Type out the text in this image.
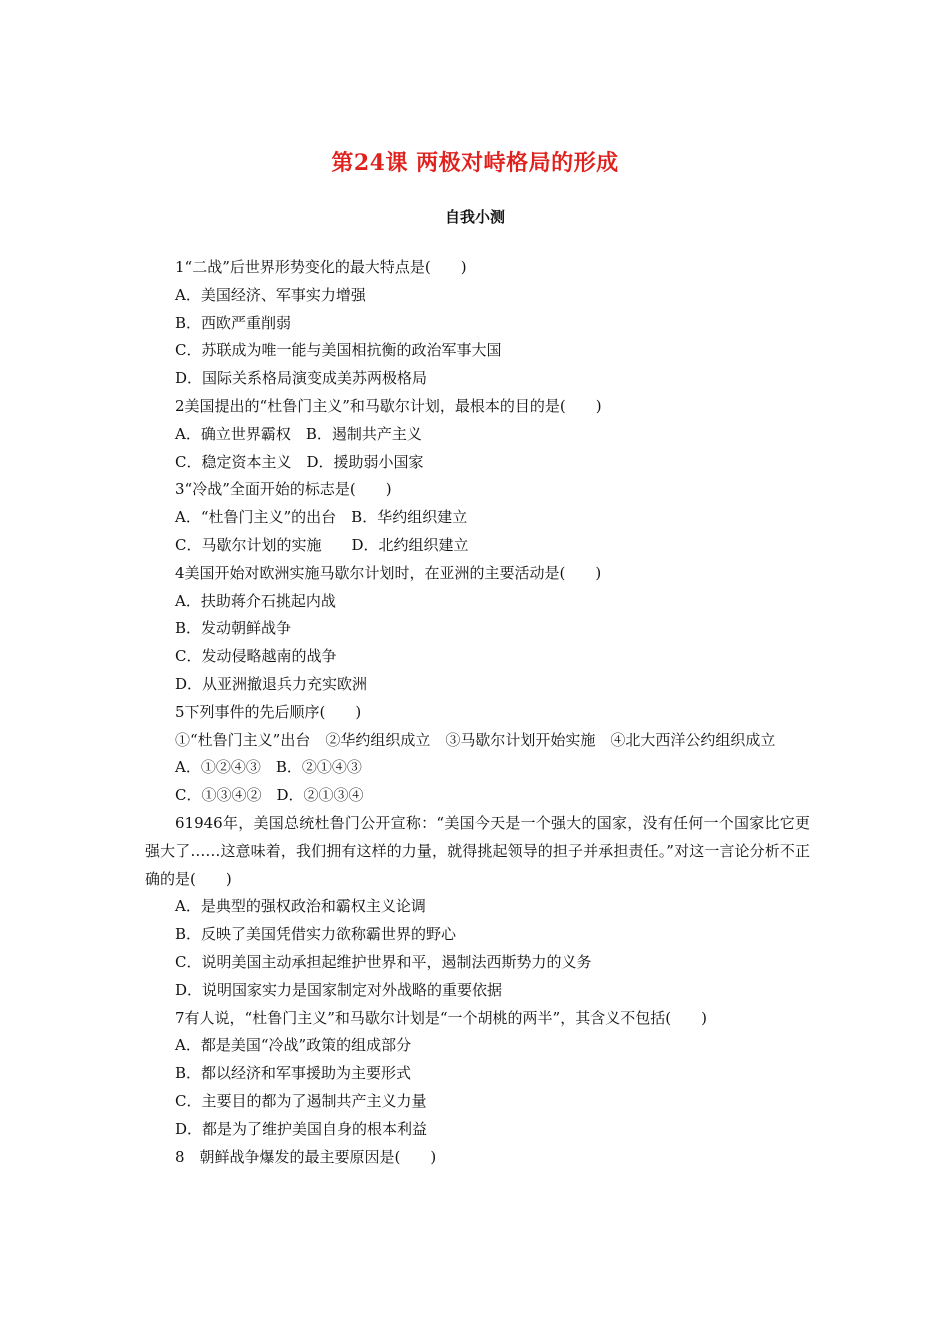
第24课 两极对峙格局的形成
自我小测
1“二战”后世界形势变化的最大特点是(　　)
A．美国经济、军事实力增强
B．西欧严重削弱
C．苏联成为唯一能与美国相抗衡的政治军事大国
D．国际关系格局演变成美苏两极格局
2美国提出的“杜鲁门主义”和马歇尔计划，最根本的目的是(　　)
A．确立世界霸权　B．遏制共产主义
C．稳定资本主义　D．援助弱小国家
3“冷战”全面开始的标志是(　　)
A．“杜鲁门主义”的出台　B．华约组织建立
C．马歇尔计划的实施　　D．北约组织建立
4美国开始对欧洲实施马歇尔计划时，在亚洲的主要活动是(　　)
A．扶助蒋介石挑起内战
B．发动朝鲜战争
C．发动侵略越南的战争
D．从亚洲撤退兵力充实欧洲
5下列事件的先后顺序(　　)
①“杜鲁门主义”出台　②华约组织成立　③马歇尔计划开始实施　④北大西洋公约组织成立
A．①②④③　B．②①④③
C．①③④②　D．②①③④
61946年，美国总统杜鲁门公开宣称：“美国今天是一个强大的国家，没有任何一个国家比它更强大了……这意味着，我们拥有这样的力量，就得挑起领导的担子并承担责任。”对这一言论分析不正确的是(　　)
A．是典型的强权政治和霸权主义论调
B．反映了美国凭借实力欲称霸世界的野心
C．说明美国主动承担起维护世界和平，遏制法西斯势力的义务
D．说明国家实力是国家制定对外战略的重要依据
7有人说，“杜鲁门主义”和马歇尔计划是“一个胡桃的两半”，其含义不包括(　　)
A．都是美国“冷战”政策的组成部分
B．都以经济和军事援助为主要形式
C．主要目的都为了遏制共产主义力量
D．都是为了维护美国自身的根本利益
8　朝鲜战争爆发的最主要原因是(　　)
